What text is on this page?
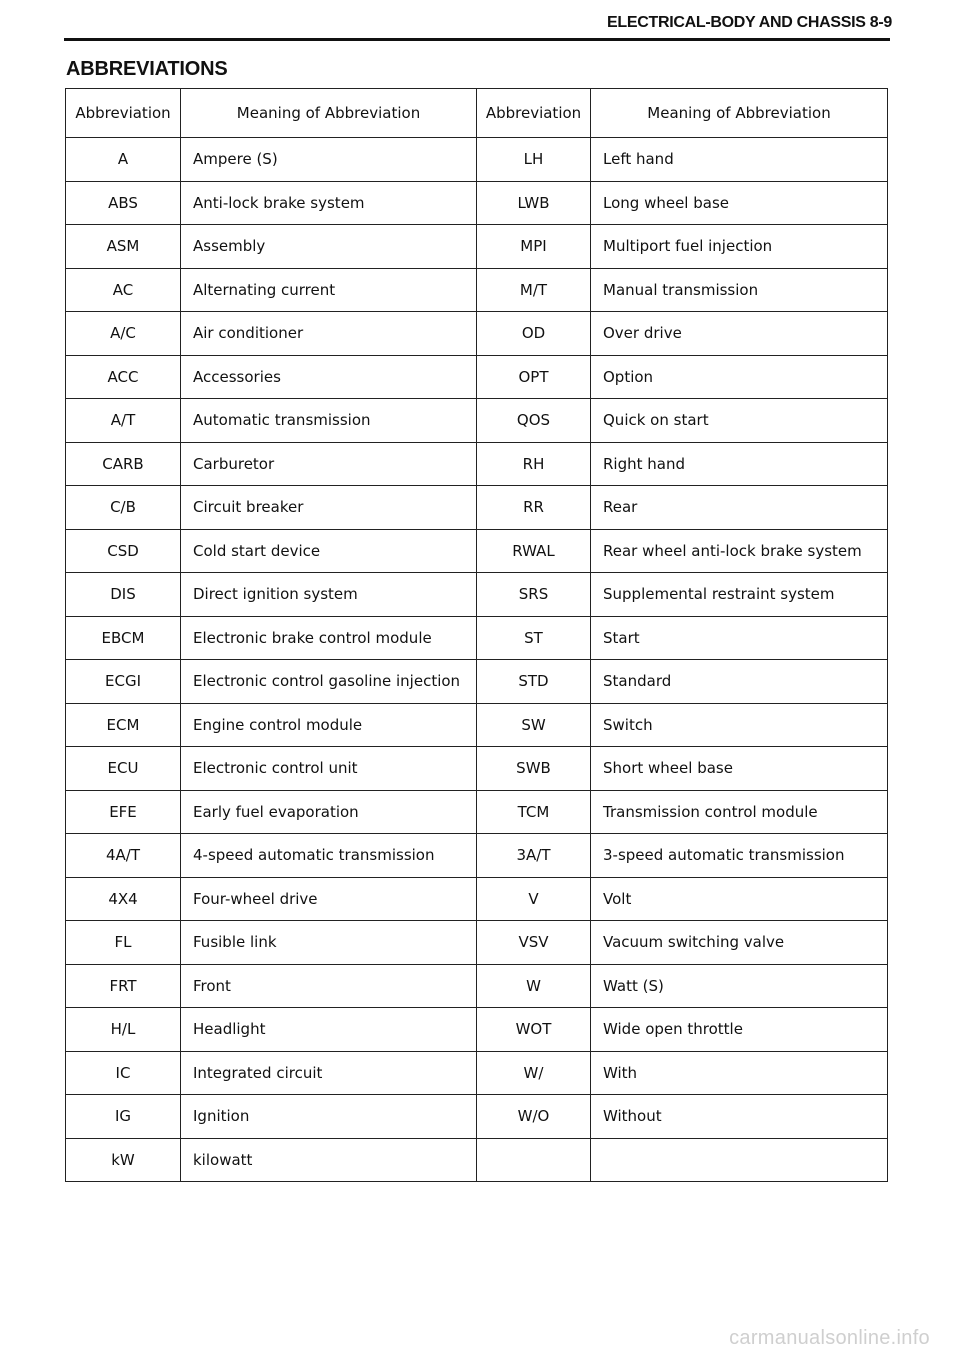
ELECTRICAL-BODY AND CHASSIS 8-9
ABBREVIATIONS
Abbreviation	Meaning of Abbreviation	Abbreviation	Meaning of Abbreviation
A	Ampere (S)	LH	Left hand
ABS	Anti-lock brake system	LWB	Long wheel base
ASM	Assembly	MPI	Multiport fuel injection
AC	Alternating current	M/T	Manual transmission
A/C	Air conditioner	OD	Over drive
ACC	Accessories	OPT	Option
A/T	Automatic transmission	QOS	Quick on start
CARB	Carburetor	RH	Right hand
C/B	Circuit breaker	RR	Rear
CSD	Cold start device	RWAL	Rear wheel anti-lock brake system
DIS	Direct ignition system	SRS	Supplemental restraint system
EBCM	Electronic brake control module	ST	Start
ECGI	Electronic control gasoline injection	STD	Standard
ECM	Engine control module	SW	Switch
ECU	Electronic control unit	SWB	Short wheel base
EFE	Early fuel evaporation	TCM	Transmission control module
4A/T	4-speed automatic transmission	3A/T	3-speed automatic transmission
4X4	Four-wheel drive	V	Volt
FL	Fusible link	VSV	Vacuum switching valve
FRT	Front	W	Watt (S)
H/L	Headlight	WOT	Wide open throttle
IC	Integrated circuit	W/	With
IG	Ignition	W/O	Without
kW	kilowatt		
carmanualsonline.info
